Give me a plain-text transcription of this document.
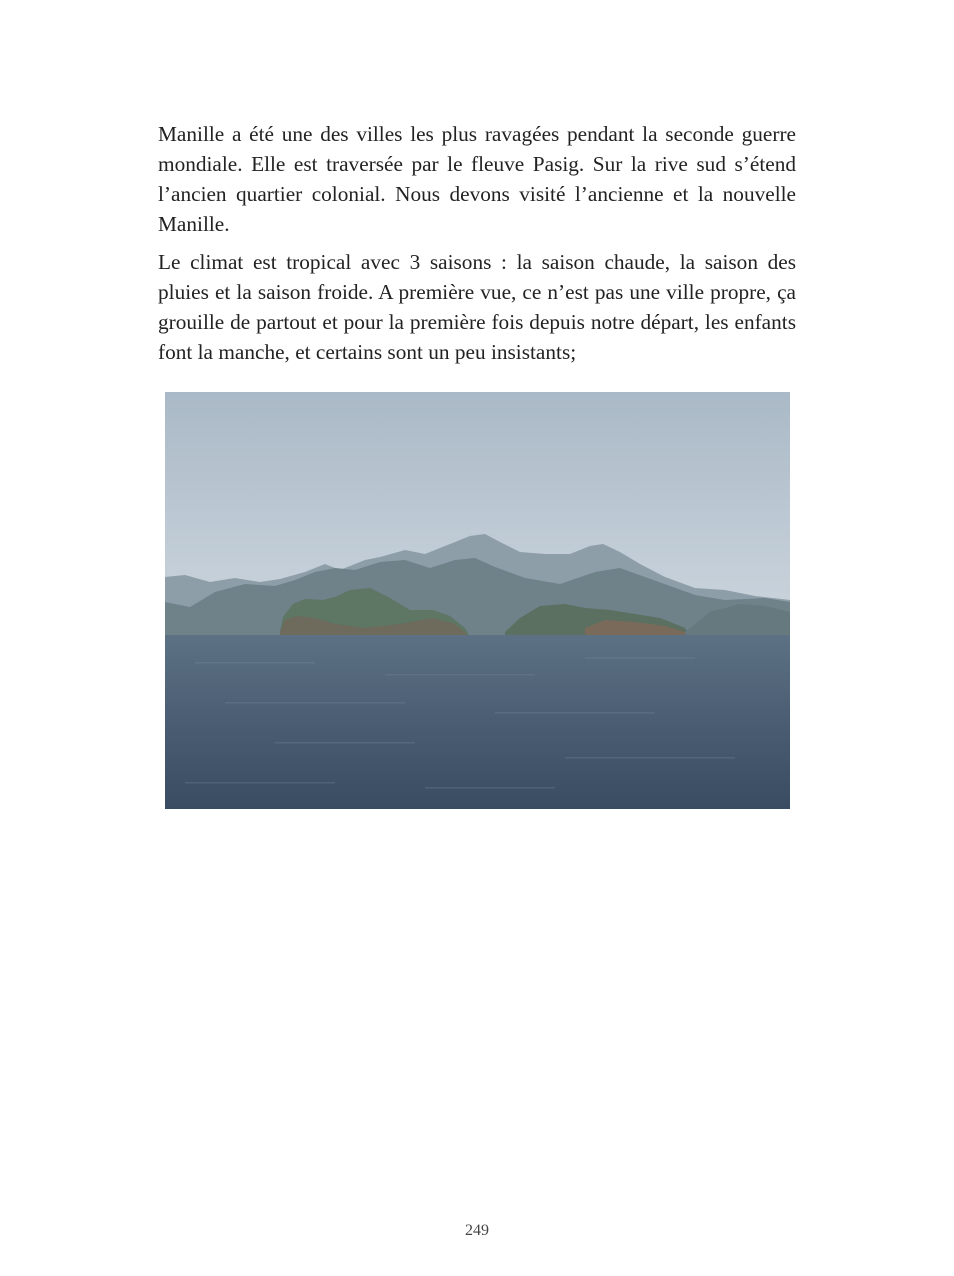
Manille a été une des villes les plus ravagées pendant la seconde guerre mondiale. Elle est traversée par le fleuve Pasig. Sur la rive sud s’étend l’ancien quartier colonial. Nous devons visité l’ancienne et la nouvelle Manille.

Le climat est tropical avec 3 saisons : la saison chaude, la saison des pluies et la saison froide. A première vue, ce n’est pas une ville propre, ça grouille de partout et pour la première fois depuis notre départ, les enfants font la manche, et certains sont un peu insistants;

249
